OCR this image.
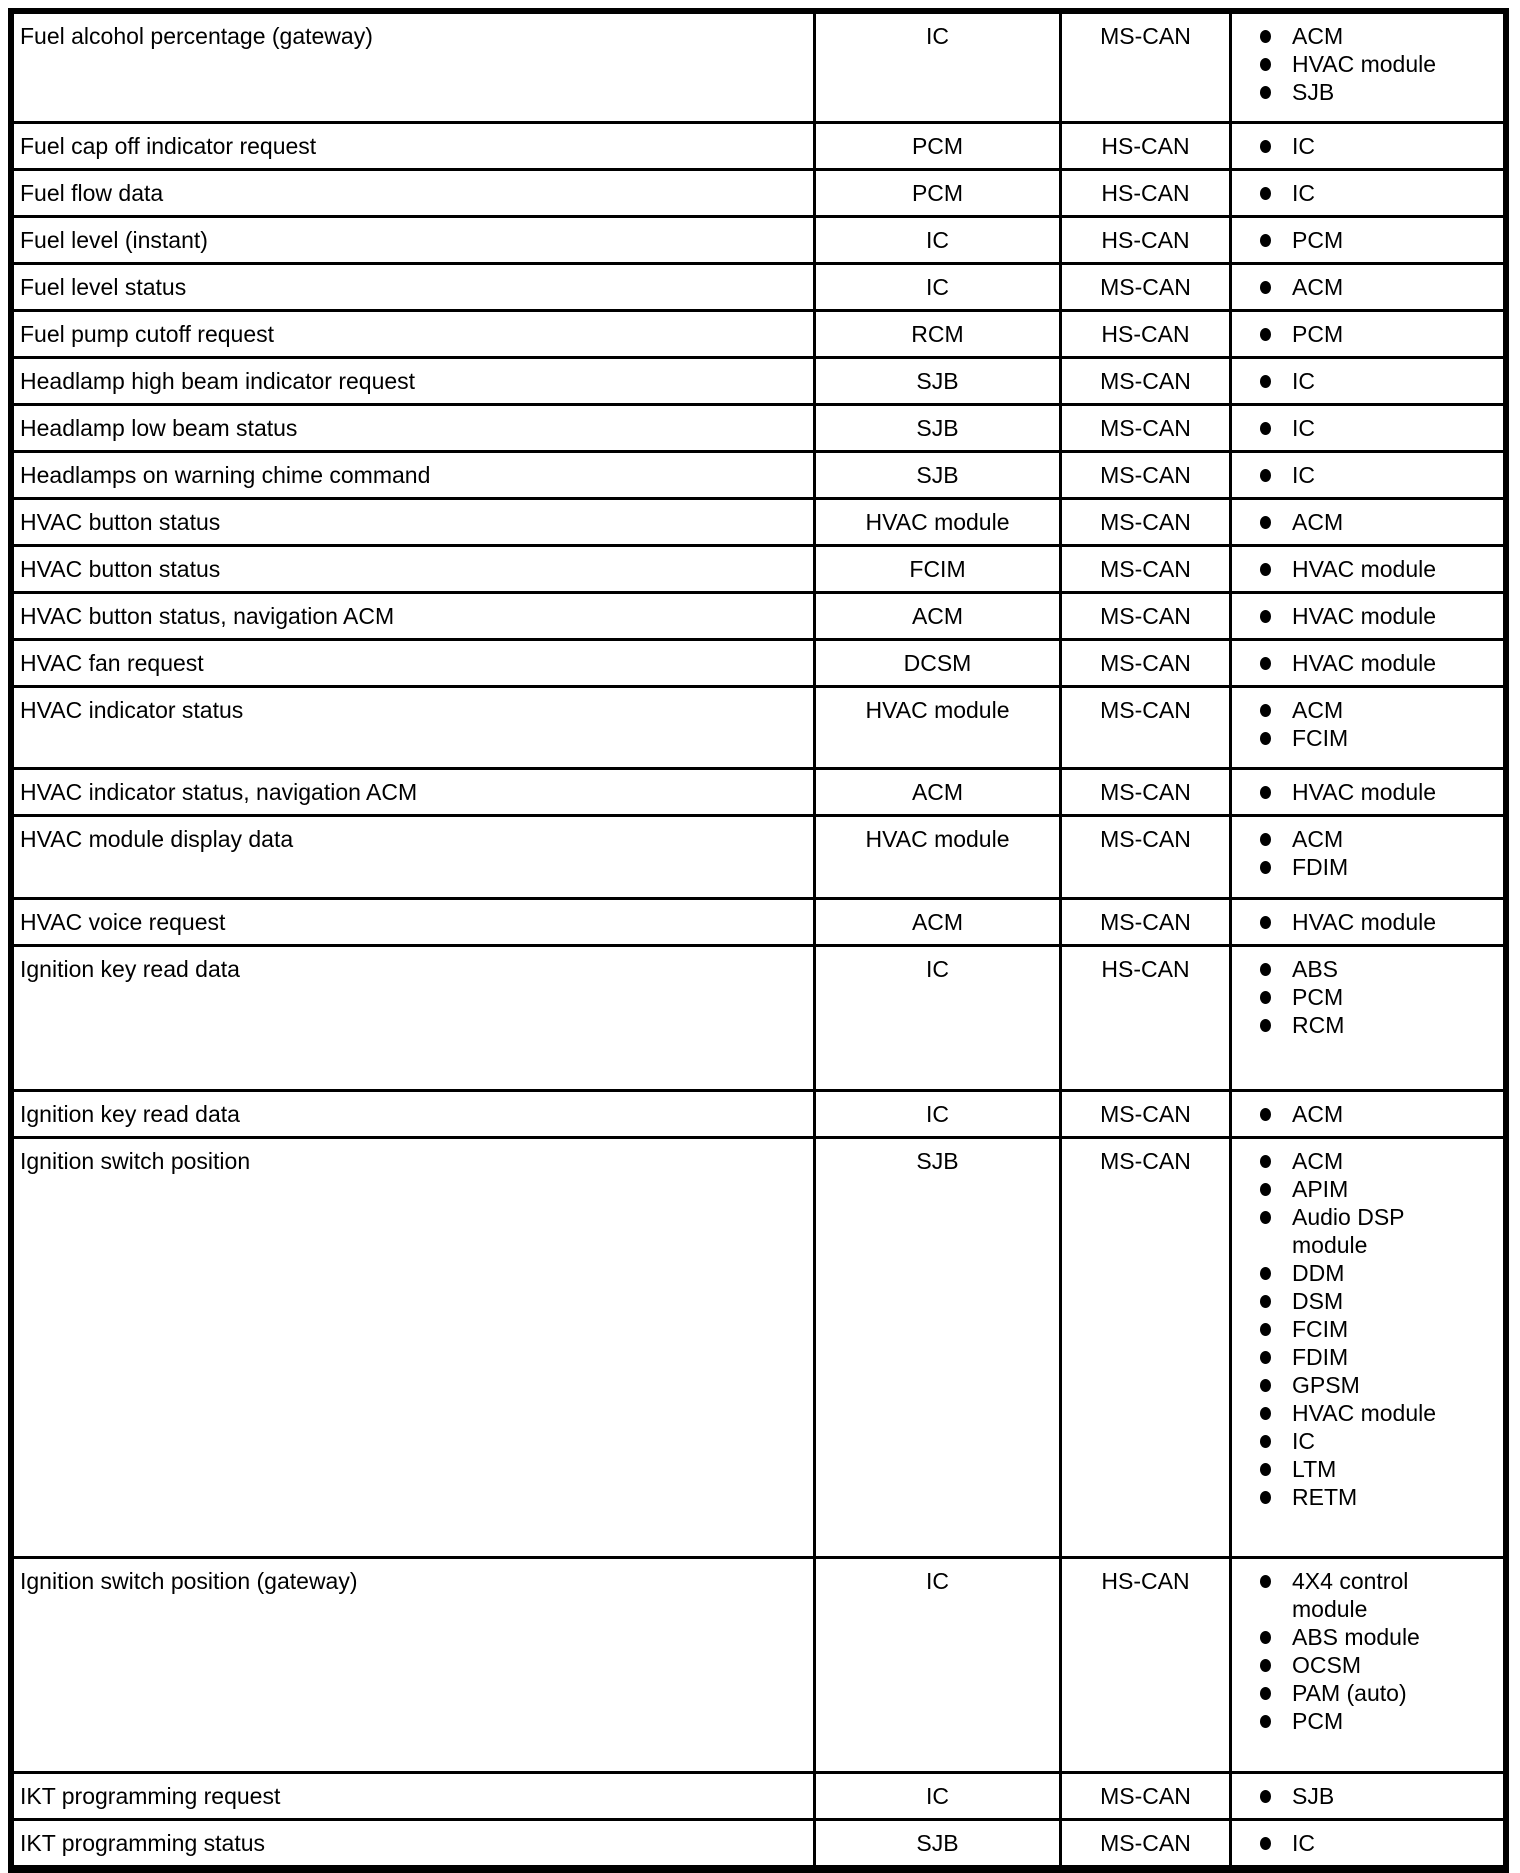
Fuel alcohol percentage (gateway)	IC	MS-CAN	ACM
HVAC module
SJB
Fuel cap off indicator request	PCM	HS-CAN	IC
Fuel flow data	PCM	HS-CAN	IC
Fuel level (instant)	IC	HS-CAN	PCM
Fuel level status	IC	MS-CAN	ACM
Fuel pump cutoff request	RCM	HS-CAN	PCM
Headlamp high beam indicator request	SJB	MS-CAN	IC
Headlamp low beam status	SJB	MS-CAN	IC
Headlamps on warning chime command	SJB	MS-CAN	IC
HVAC button status	HVAC module	MS-CAN	ACM
HVAC button status	FCIM	MS-CAN	HVAC module
HVAC button status, navigation ACM	ACM	MS-CAN	HVAC module
HVAC fan request	DCSM	MS-CAN	HVAC module
HVAC indicator status	HVAC module	MS-CAN	ACM
FCIM
HVAC indicator status, navigation ACM	ACM	MS-CAN	HVAC module
HVAC module display data	HVAC module	MS-CAN	ACM
FDIM
HVAC voice request	ACM	MS-CAN	HVAC module
Ignition key read data	IC	HS-CAN	ABS
PCM
RCM
Ignition key read data	IC	MS-CAN	ACM
Ignition switch position	SJB	MS-CAN	ACM
APIM
Audio DSP module
DDM
DSM
FCIM
FDIM
GPSM
HVAC module
IC
LTM
RETM
Ignition switch position (gateway)	IC	HS-CAN	4X4 control module
ABS module
OCSM
PAM (auto)
PCM
IKT programming request	IC	MS-CAN	SJB
IKT programming status	SJB	MS-CAN	IC
